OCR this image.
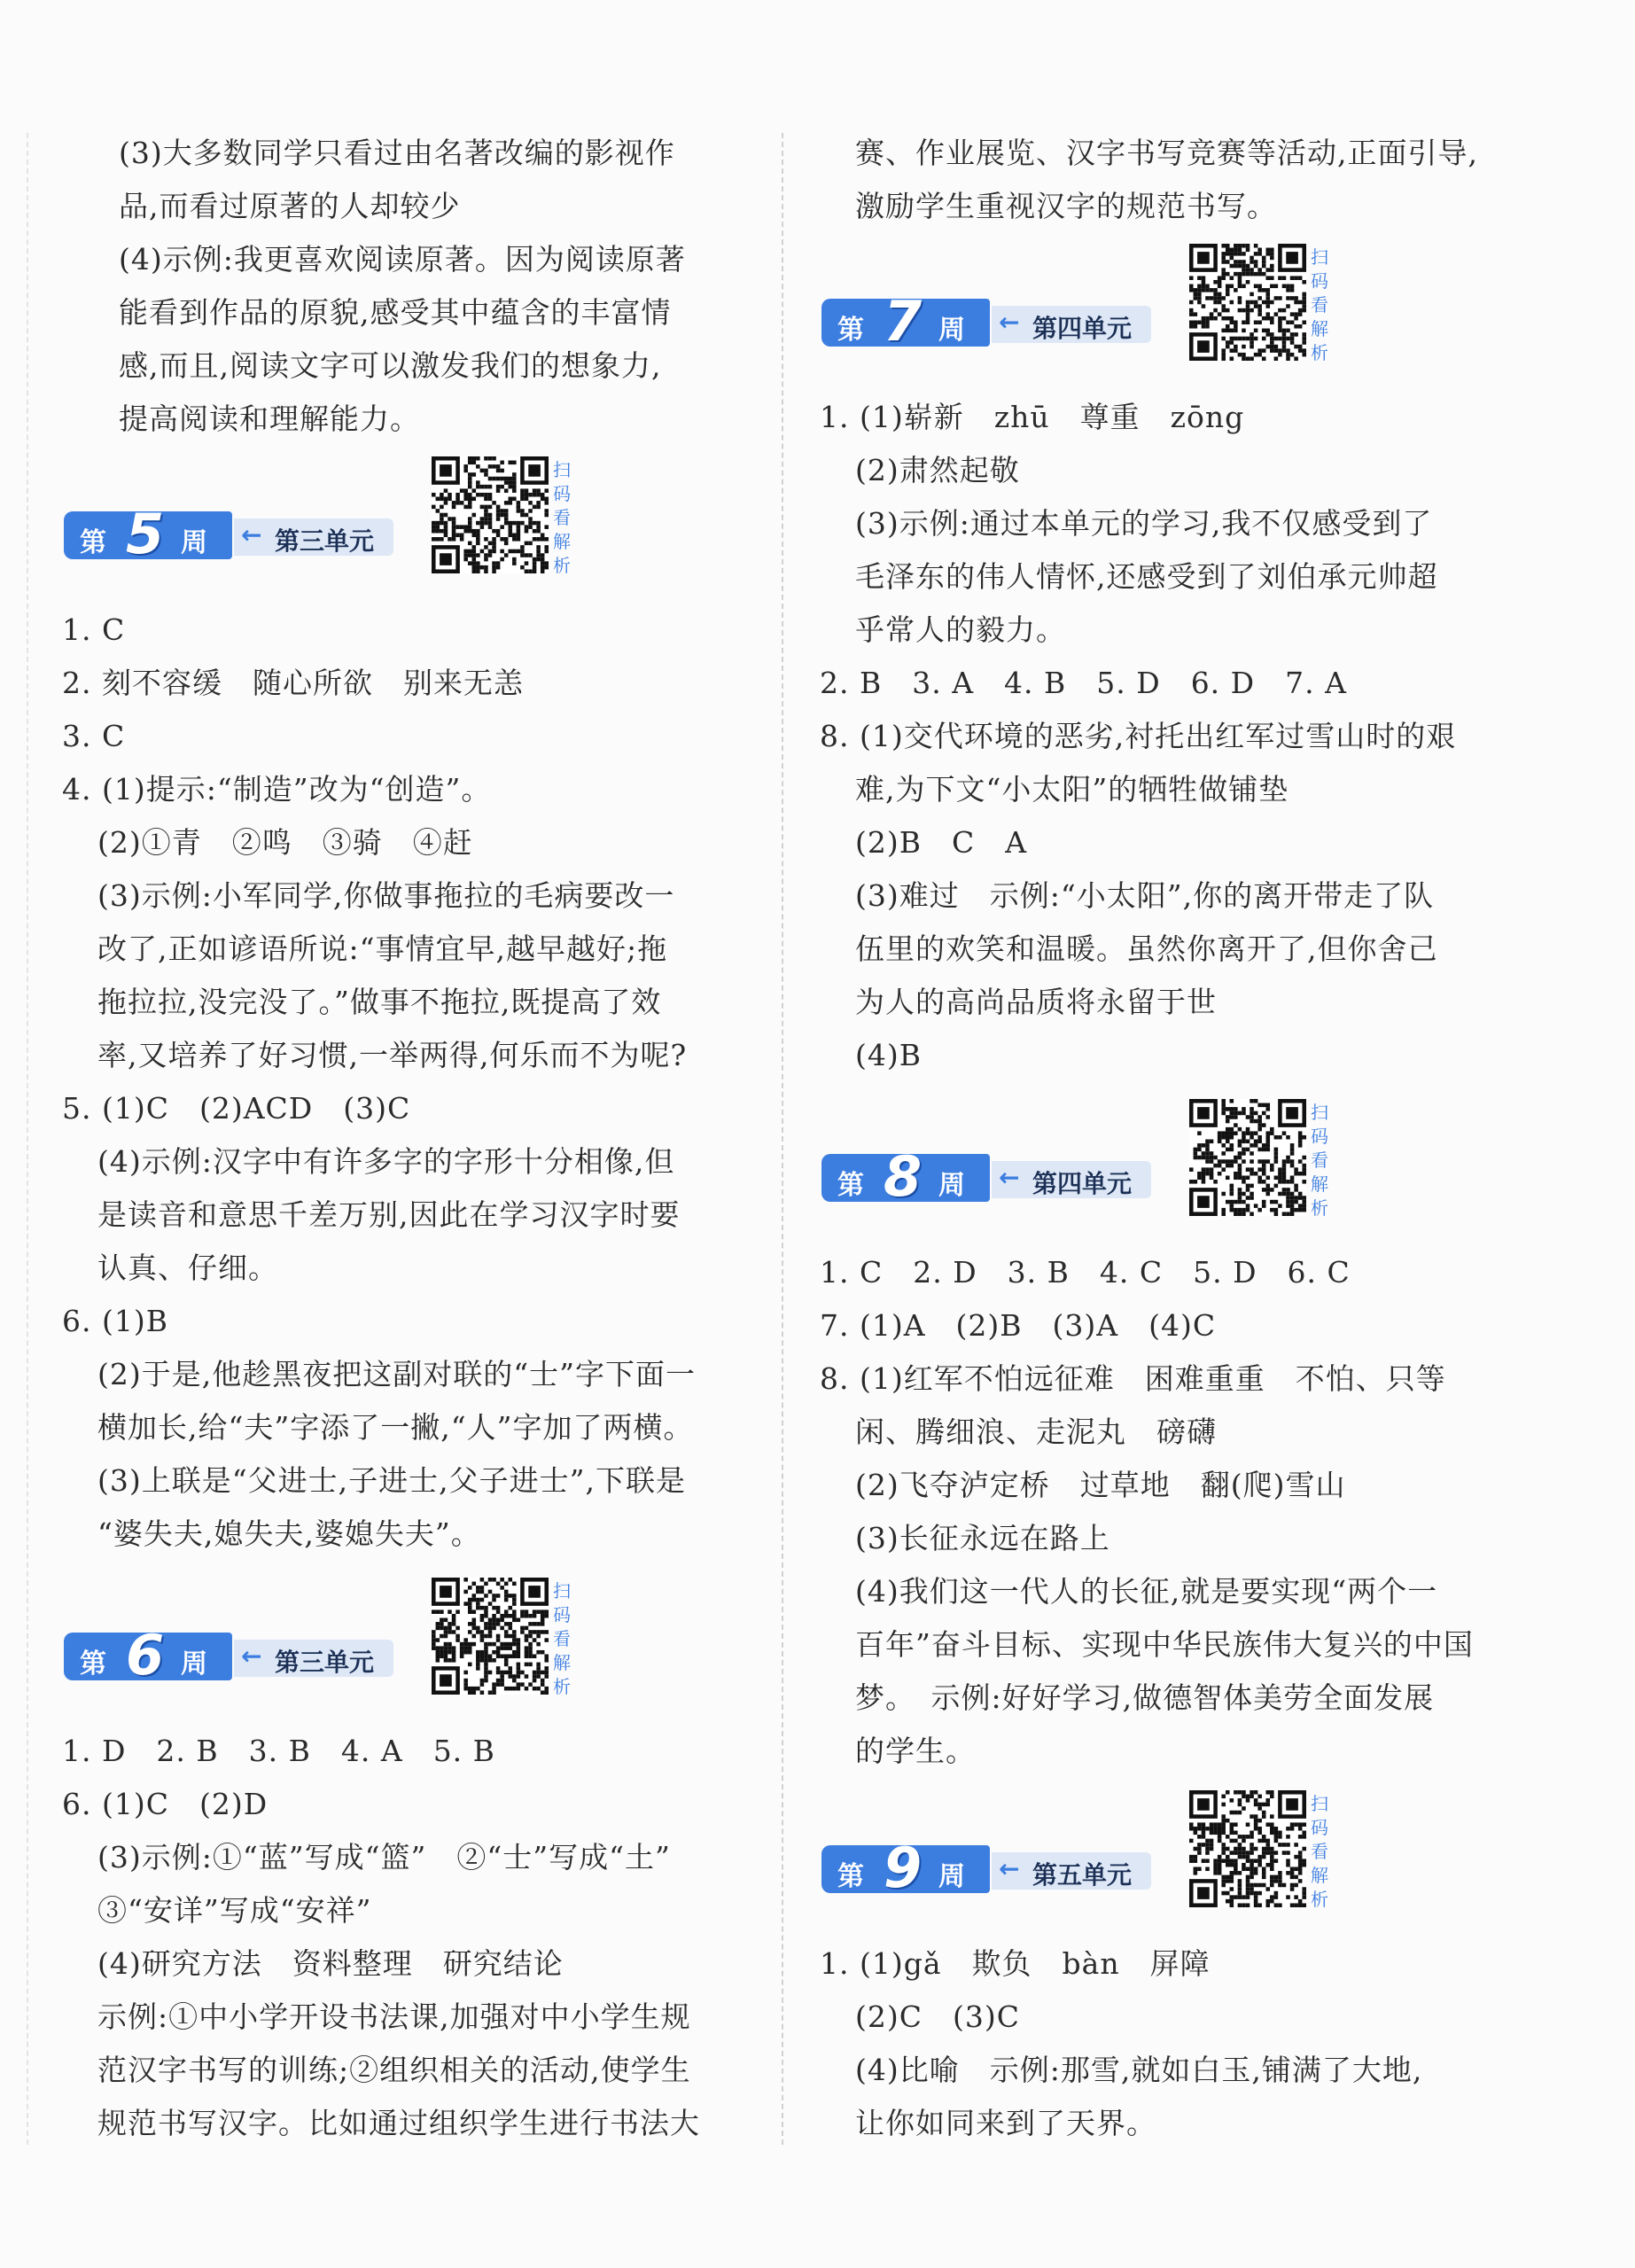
(3)大多数同学只看过由名著改编的影视作
品,而看过原著的人却较少
(4)示例:我更喜欢阅读原著。因为阅读原著
能看到作品的原貌,感受其中蕴含的丰富情
感,而且,阅读文字可以激发我们的想象力,
提高阅读和理解能力。
第 5 周 ← 第三单元
扫码看解析
1. C
2. 刻不容缓　随心所欲　别来无恙
3. C
4. (1)提示:“制造”改为“创造”。
(2)①青　②鸣　③骑　④赶
(3)示例:小军同学,你做事拖拉的毛病要改一
改了,正如谚语所说:“事情宜早,越早越好;拖
拖拉拉,没完没了。”做事不拖拉,既提高了效
率,又培养了好习惯,一举两得,何乐而不为呢?
5. (1)C　(2)ACD　(3)C
(4)示例:汉字中有许多字的字形十分相像,但
是读音和意思千差万别,因此在学习汉字时要
认真、仔细。
6. (1)B
(2)于是,他趁黑夜把这副对联的“士”字下面一
横加长,给“夫”字添了一撇,“人”字加了两横。
(3)上联是“父进士,子进士,父子进士”,下联是
“婆失夫,媳失夫,婆媳失夫”。
第 6 周 ← 第三单元
扫码看解析
1. D　2. B　3. B　4. A　5. B
6. (1)C　(2)D
(3)示例:①“蓝”写成“篮”　②“士”写成“土”
③“安详”写成“安祥”
(4)研究方法　资料整理　研究结论
示例:①中小学开设书法课,加强对中小学生规
范汉字书写的训练;②组织相关的活动,使学生
规范书写汉字。比如通过组织学生进行书法大
赛、作业展览、汉字书写竞赛等活动,正面引导,
激励学生重视汉字的规范书写。
第 7 周 ← 第四单元
扫码看解析
1. (1)崭新　zhū　尊重　zōng
(2)肃然起敬
(3)示例:通过本单元的学习,我不仅感受到了
毛泽东的伟人情怀,还感受到了刘伯承元帅超
乎常人的毅力。
2. B　3. A　4. B　5. D　6. D　7. A
8. (1)交代环境的恶劣,衬托出红军过雪山时的艰
难,为下文“小太阳”的牺牲做铺垫
(2)B　C　A
(3)难过　示例:“小太阳”,你的离开带走了队
伍里的欢笑和温暖。虽然你离开了,但你舍己
为人的高尚品质将永留于世
(4)B
第 8 周 ← 第四单元
扫码看解析
1. C　2. D　3. B　4. C　5. D　6. C
7. (1)A　(2)B　(3)A　(4)C
8. (1)红军不怕远征难　困难重重　不怕、只等
闲、腾细浪、走泥丸　磅礴
(2)飞夺泸定桥　过草地　翻(爬)雪山
(3)长征永远在路上
(4)我们这一代人的长征,就是要实现“两个一
百年”奋斗目标、实现中华民族伟大复兴的中国
梦。　示例:好好学习,做德智体美劳全面发展
的学生。
第 9 周 ← 第五单元
扫码看解析
1. (1)gǎ　欺负　bàn　屏障
(2)C　(3)C
(4)比喻　示例:那雪,就如白玉,铺满了大地,
让你如同来到了天界。
